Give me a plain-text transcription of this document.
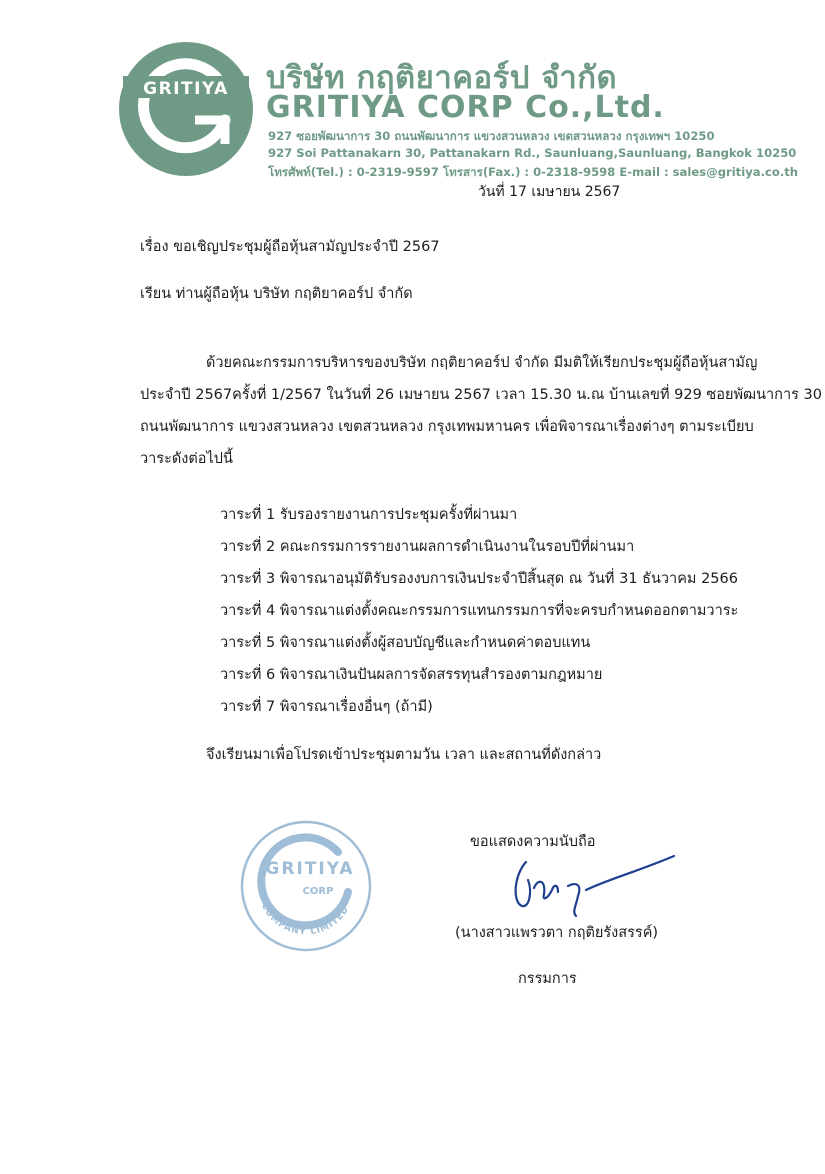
GRITIYA บริษัท กฤติยาคอร์ป จำกัด
GRITIYA CORP Co.,Ltd.
927 ซอยพัฒนาการ 30 ถนนพัฒนาการ แขวงสวนหลวง เขตสวนหลวง กรุงเทพฯ 10250
927 Soi Pattanakarn 30, Pattanakarn Rd., Saunluang,Saunluang, Bangkok 10250
โทรศัพท์(Tel.) : 0-2319-9597 โทรสาร(Fax.) : 0-2318-9598 E-mail : sales@gritiya.co.th
วันที่ 17 เมษายน 2567
เรื่อง ขอเชิญประชุมผู้ถือหุ้นสามัญประจำปี 2567
เรียน ท่านผู้ถือหุ้น บริษัท กฤติยาคอร์ป จำกัด
ด้วยคณะกรรมการบริหารของบริษัท กฤติยาคอร์ป จำกัด มีมติให้เรียกประชุมผู้ถือหุ้นสามัญ
ประจำปี 2567ครั้งที่ 1/2567 ในวันที่ 26 เมษายน 2567 เวลา 15.30 น.ณ บ้านเลขที่ 929 ซอยพัฒนาการ 30
ถนนพัฒนาการ แขวงสวนหลวง เขตสวนหลวง กรุงเทพมหานคร เพื่อพิจารณาเรื่องต่างๆ ตามระเบียบ
วาระดังต่อไปนี้
วาระที่ 1 รับรองรายงานการประชุมครั้งที่ผ่านมา
วาระที่ 2 คณะกรรมการรายงานผลการดำเนินงานในรอบปีที่ผ่านมา
วาระที่ 3 พิจารณาอนุมัติรับรองงบการเงินประจำปีสิ้นสุด ณ วันที่ 31 ธันวาคม 2566
วาระที่ 4 พิจารณาแต่งตั้งคณะกรรมการแทนกรรมการที่จะครบกำหนดออกตามวาระ
วาระที่ 5 พิจารณาแต่งตั้งผู้สอบบัญชีและกำหนดค่าตอบแทน
วาระที่ 6 พิจารณาเงินปันผลการจัดสรรทุนสำรองตามกฎหมาย
วาระที่ 7 พิจารณาเรื่องอื่นๆ (ถ้ามี)
จึงเรียนมาเพื่อโปรดเข้าประชุมตามวัน เวลา และสถานที่ดังกล่าว
GRITIYA
CORP
COMPANY LIMITED
ขอแสดงความนับถือ
(นางสาวแพรวตา กฤติยรังสรรค์)
กรรมการ
